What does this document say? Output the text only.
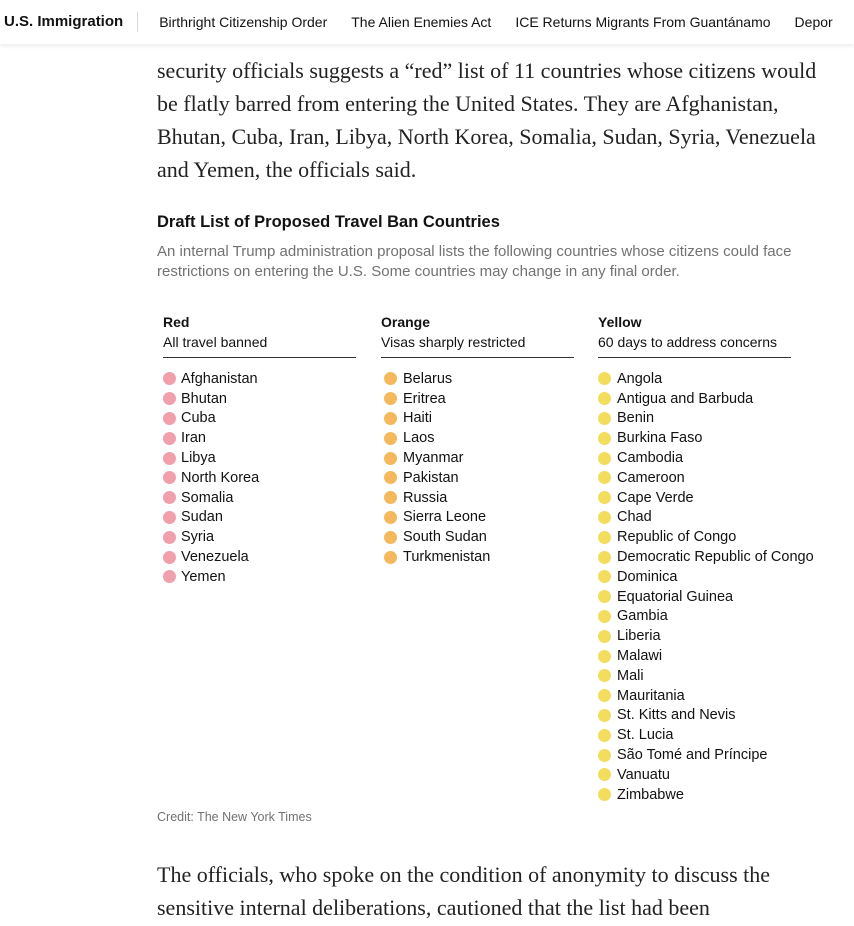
U.S. Immigration	Birthright Citizenship Order The Alien Enemies Act ICE Returns Migrants From Guantánamo Depor

security officials suggests a “red” list of 11 countries whose citizens would be flatly barred from entering the United States. They are Afghanistan, Bhutan, Cuba, Iran, Libya, North Korea, Somalia, Sudan, Syria, Venezuela and Yemen, the officials said.

Draft List of Proposed Travel Ban Countries

An internal Trump administration proposal lists the following countries whose citizens could face restrictions on entering the U.S. Some countries may change in any final order.

Red
All travel banned
Afghanistan
Bhutan
Cuba
Iran
Libya
North Korea
Somalia
Sudan
Syria
Venezuela
Yemen
Orange
Visas sharply restricted
Belarus
Eritrea
Haiti
Laos
Myanmar
Pakistan
Russia
Sierra Leone
South Sudan
Turkmenistan
Yellow
60 days to address concerns
Angola
Antigua and Barbuda
Benin
Burkina Faso
Cambodia
Cameroon
Cape Verde
Chad
Republic of Congo
Democratic Republic of Congo
Dominica
Equatorial Guinea
Gambia
Liberia
Malawi
Mali
Mauritania
St. Kitts and Nevis
St. Lucia
São Tomé and Príncipe
Vanuatu
Zimbabwe

Credit: The New York Times

The officials, who spoke on the condition of anonymity to discuss the sensitive internal deliberations, cautioned that the list had been
